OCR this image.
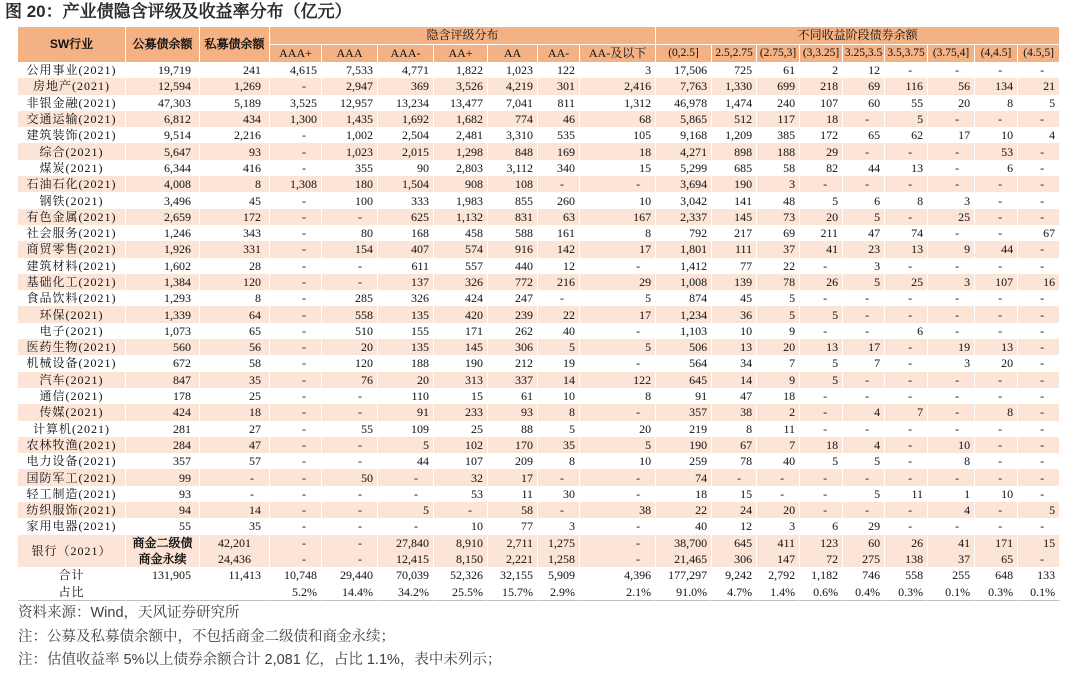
图 20：产业债隐含评级及收益率分布（亿元）
SW行业	公募债余额	私募债余额	隐含评级分布							不同收益阶段债券余额								
			AAA+	AAA	AAA-	AA+	AA	AA-	AA-及以下	(0,2.5]	2.5,2.75	(2.75,3]	(3,3.25]	3.25,3.5	3.5,3.75	(3.75,4]	(4,4.5]	(4.5,5]
公用事业(2021)	19,719	241	4,615	7,533	4,771	1,822	1,023	122	3	17,506	725	61	2	12	-	-	-	-
房地产(2021)	12,594	1,269	-	2,947	369	3,526	4,219	301	2,416	7,763	1,330	699	218	69	116	56	134	21
非银金融(2021)	47,303	5,189	3,525	12,957	13,234	13,477	7,041	811	1,312	46,978	1,474	240	107	60	55	20	8	5
交通运输(2021)	6,812	434	1,300	1,435	1,692	1,682	774	46	68	5,865	512	117	18	-	5	-	-	-
建筑装饰(2021)	9,514	2,216	-	1,002	2,504	2,481	3,310	535	105	9,168	1,209	385	172	65	62	17	10	4
综合(2021)	5,647	93	-	1,023	2,015	1,298	848	169	18	4,271	898	188	29	-	-	-	53	-
煤炭(2021)	6,344	416	-	355	90	2,803	3,112	340	15	5,299	685	58	82	44	13	-	6	-
石油石化(2021)	4,008	8	1,308	180	1,504	908	108	-	-	3,694	190	3	-	-	-	-	-	-
钢铁(2021)	3,496	45	-	100	333	1,983	855	260	10	3,042	141	48	5	6	8	3	-	-
有色金属(2021)	2,659	172	-	-	625	1,132	831	63	167	2,337	145	73	20	5	-	25	-	-
社会服务(2021)	1,246	343	-	80	168	458	588	161	8	792	217	69	211	47	74	-	-	67
商贸零售(2021)	1,926	331	-	154	407	574	916	142	17	1,801	111	37	41	23	13	9	44	-
建筑材料(2021)	1,602	28	-	-	611	557	440	12	-	1,412	77	22	-	3	-	-	-	-
基础化工(2021)	1,384	120	-	-	137	326	772	216	29	1,008	139	78	26	5	25	3	107	16
食品饮料(2021)	1,293	8	-	285	326	424	247	-	5	874	45	5	-	-	-	-	-	-
环保(2021)	1,339	64	-	558	135	420	239	22	17	1,234	36	5	5	-	-	-	-	-
电子(2021)	1,073	65	-	510	155	171	262	40	-	1,103	10	9	-	-	6	-	-	-
医药生物(2021)	560	56	-	20	135	145	306	5	5	506	13	20	13	17	-	19	13	-
机械设备(2021)	672	58	-	120	188	190	212	19	-	564	34	7	5	7	-	3	20	-
汽车(2021)	847	35	-	76	20	313	337	14	122	645	14	9	5	-	-	-	-	-
通信(2021)	178	25	-	-	110	15	61	10	8	91	47	18	-	-	-	-	-	-
传媒(2021)	424	18	-	-	91	233	93	8	-	357	38	2	-	4	7	-	8	-
计算机(2021)	281	27	-	55	109	25	88	5	20	219	8	11	-	-	-	-	-	-
农林牧渔(2021)	284	47	-	-	5	102	170	35	5	190	67	7	18	4	-	10	-	-
电力设备(2021)	357	57	-	-	44	107	209	8	10	259	78	40	5	5	-	8	-	-
国防军工(2021)	99	-	-	50	-	32	17	-	-	74	-	-	-	-	-	-	-	-
轻工制造(2021)	93	-	-	-	-	53	11	30	-	18	15	-	-	5	11	1	10	-
纺织服饰(2021)	94	14	-	-	5	-	58	-	38	22	24	20	-	-	-	4	-	5
家用电器(2021)	55	35	-	-	-	10	77	3	-	40	12	3	6	29	-	-	-	-
银行（2021）	商金二级债	42,201	-	-	27,840	8,910	2,711	1,275	-	38,700	645	411	123	60	26	41	171	15
	商金永续	24,436	-	-	12,415	8,150	2,221	1,258	-	21,465	306	147	72	275	138	37	65	-
合计	131,905	11,413	10,748	29,440	70,039	52,326	32,155	5,909	4,396	177,297	9,242	2,792	1,182	746	558	255	648	133
占比			5.2%	14.4%	34.2%	25.5%	15.7%	2.9%	2.1%	91.0%	4.7%	1.4%	0.6%	0.4%	0.3%	0.1%	0.3%	0.1%
资料来源：Wind，天风证券研究所
注：公募及私募债余额中，不包括商金二级债和商金永续；
注：估值收益率 5%以上债券余额合计 2,081 亿，占比 1.1%，表中未列示；
